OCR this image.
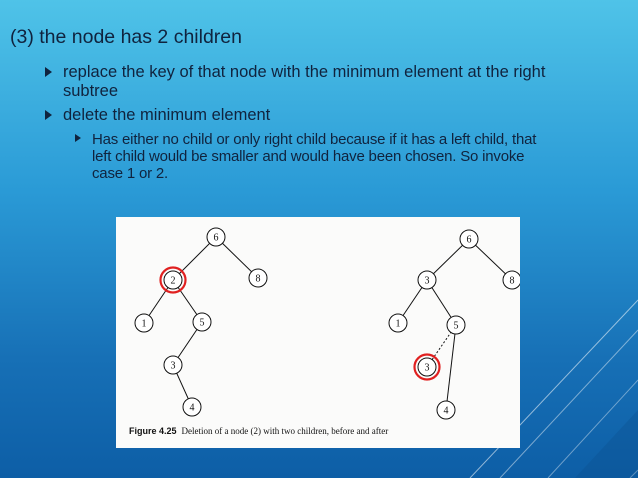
(3) the node has 2 children
replace the key of that node with the minimum element at the right subtree
delete the minimum element
Has either no child or only right child because if it has a left child, that left child would be smaller and would have been chosen. So invoke case 1 or 2.
6
2	8
1	5
3
4
6
3	8
1	5
3
4
Figure 4.25 Deletion of a node (2) with two children, before and after
